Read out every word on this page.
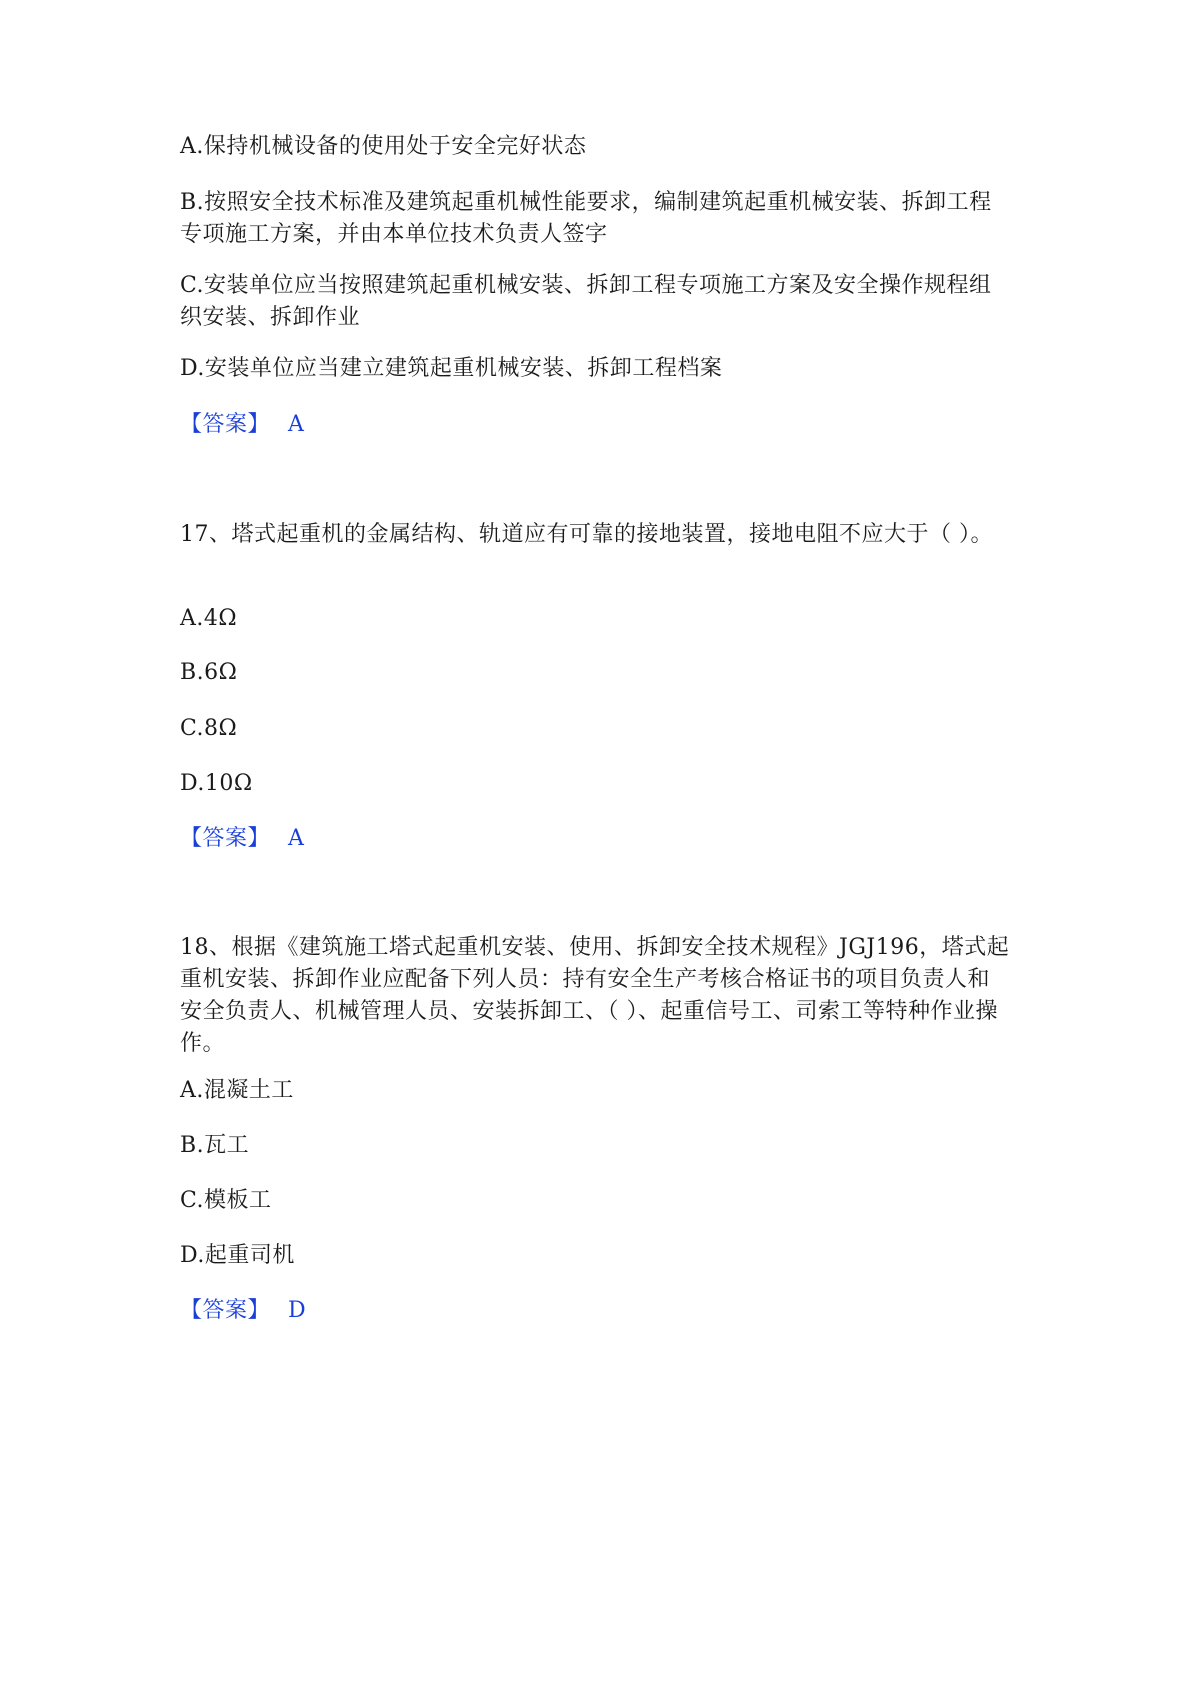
A.保持机械设备的使用处于安全完好状态
B.按照安全技术标准及建筑起重机械性能要求，编制建筑起重机械安装、拆卸工程专项施工方案，并由本单位技术负责人签字
C.安装单位应当按照建筑起重机械安装、拆卸工程专项施工方案及安全操作规程组织安装、拆卸作业
D.安装单位应当建立建筑起重机械安装、拆卸工程档案
【答案】 A
17、塔式起重机的金属结构、轨道应有可靠的接地装置，接地电阻不应大于（ ）。
A.4Ω
B.6Ω
C.8Ω
D.10Ω
【答案】 A
18、根据《建筑施工塔式起重机安装、使用、拆卸安全技术规程》JGJ196，塔式起重机安装、拆卸作业应配备下列人员：持有安全生产考核合格证书的项目负责人和安全负责人、机械管理人员、安装拆卸工、（ ）、起重信号工、司索工等特种作业操作。
A.混凝土工
B.瓦工
C.模板工
D.起重司机
【答案】 D
